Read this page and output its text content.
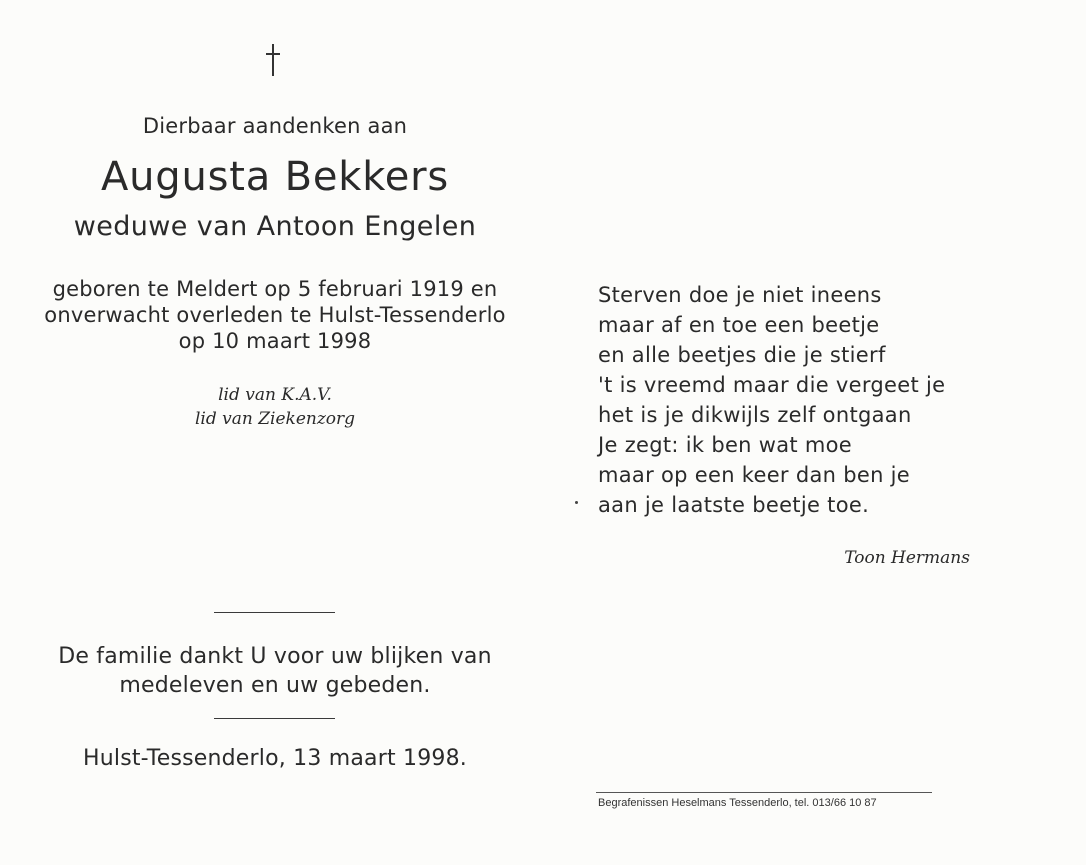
Dierbaar aandenken aan
Augusta Bekkers
weduwe van Antoon Engelen
geboren te Meldert op 5 februari 1919 en
onverwacht overleden te Hulst-Tessenderlo
op 10 maart 1998
lid van K.A.V.
lid van Ziekenzorg
De familie dankt U voor uw blijken van
medeleven en uw gebeden.
Hulst-Tessenderlo, 13 maart 1998.
Sterven doe je niet ineens
maar af en toe een beetje
en alle beetjes die je stierf
't is vreemd maar die vergeet je
het is je dikwijls zelf ontgaan
Je zegt: ik ben wat moe
maar op een keer dan ben je
aan je laatste beetje toe.
Toon Hermans
Begrafenissen Heselmans Tessenderlo, tel. 013/66 10 87
